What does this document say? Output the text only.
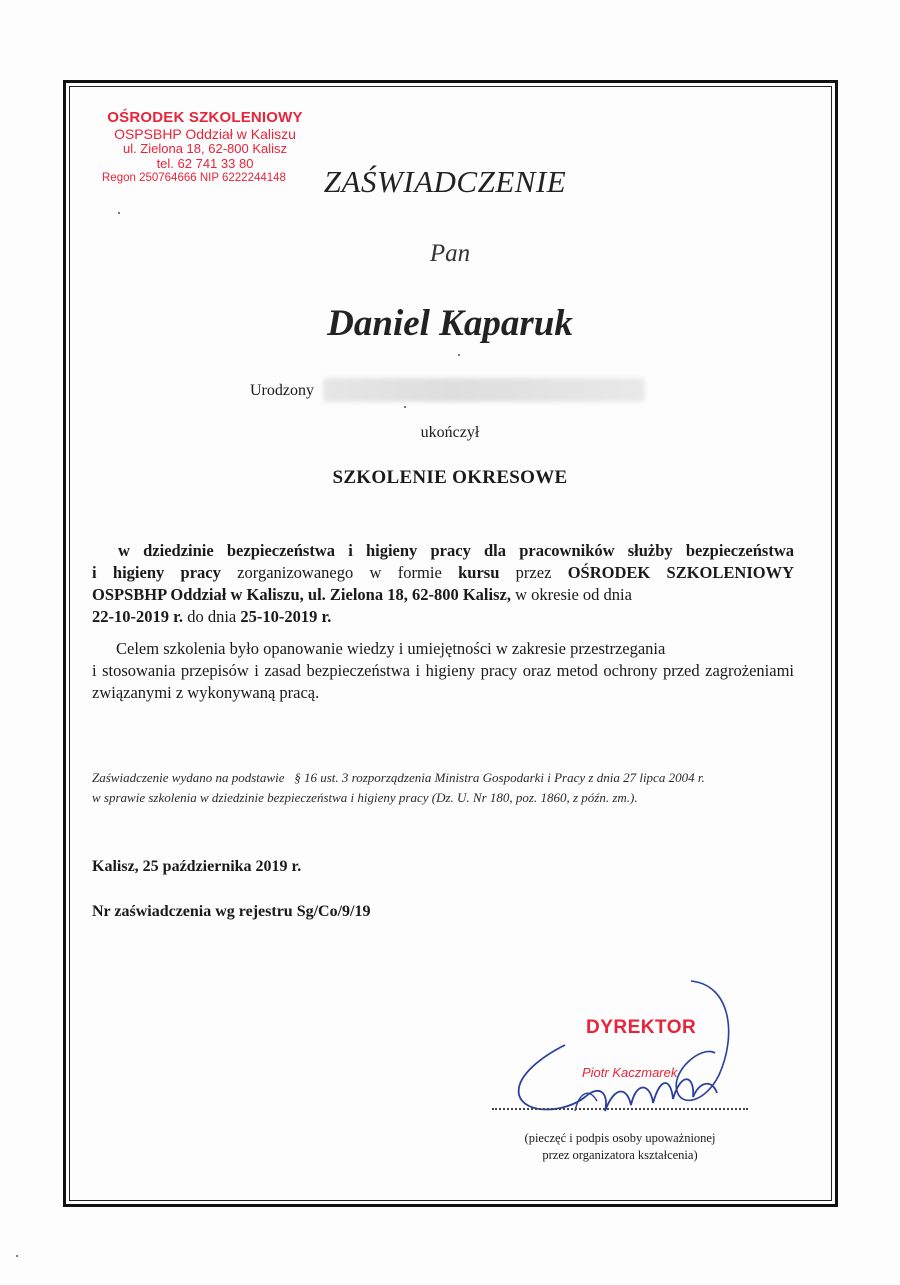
OŚRODEK SZKOLENIOWY
OSPSBHP Oddział w Kaliszu
ul. Zielona 18, 62-800 Kalisz
tel. 62 741 33 80
Regon 250764666 NIP 6222244148	ZAŚWIADCZENIE
Pan
Daniel Kaparuk
Urodzony
ukończył
SZKOLENIE OKRESOWE
w dziedzinie bezpieczeństwa i higieny pracy dla pracowników służby bezpieczeństwa
i higieny pracy zorganizowanego w formie kursu przez OŚRODEK SZKOLENIOWY
OSPSBHP Oddział w Kaliszu, ul. Zielona 18, 62-800 Kalisz, w okresie od dnia
22-10-2019 r. do dnia 25-10-2019 r.
Celem szkolenia było opanowanie wiedzy i umiejętności w zakresie przestrzegania
i stosowania przepisów i zasad bezpieczeństwa i higieny pracy oraz metod ochrony przed zagrożeniami związanymi z wykonywaną pracą.
Zaświadczenie wydano na podstawie   § 16 ust. 3 rozporządzenia Ministra Gospodarki i Pracy z dnia 27 lipca 2004 r.
w sprawie szkolenia w dziedzinie bezpieczeństwa i higieny pracy (Dz. U. Nr 180, poz. 1860, z późn. zm.).
Kalisz, 25 października 2019 r.
Nr zaświadczenia wg rejestru Sg/Co/9/19
DYREKTOR
Piotr Kaczmarek
(pieczęć i podpis osoby upoważnionej
przez organizatora kształcenia)
